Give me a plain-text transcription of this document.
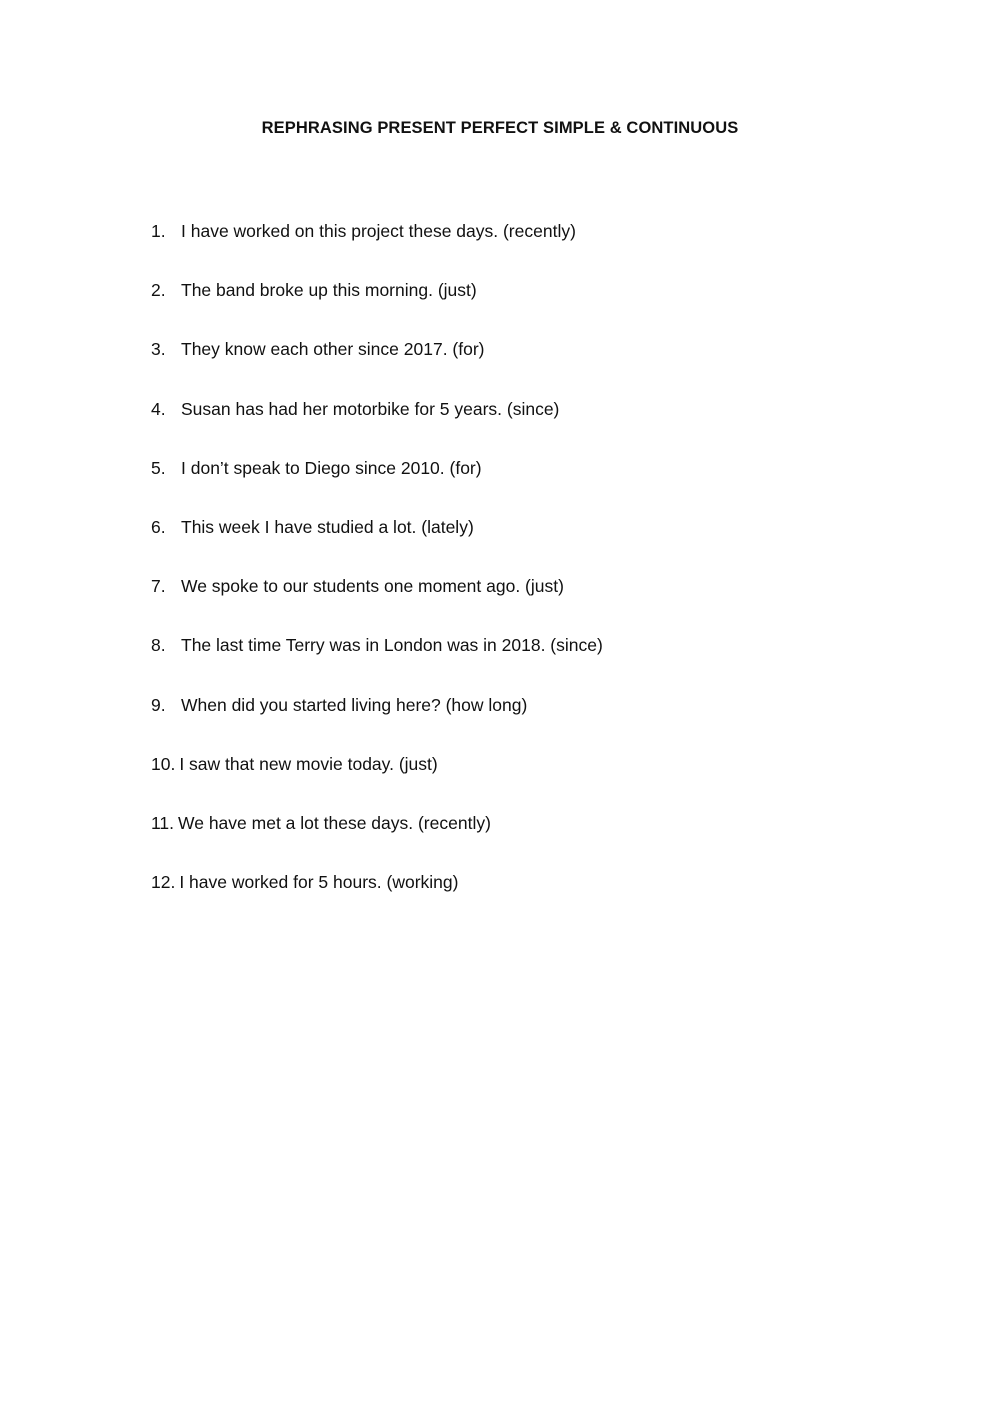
REPHRASING PRESENT PERFECT SIMPLE & CONTINUOUS
1. I have worked on this project these days. (recently)
2. The band broke up this morning. (just)
3. They know each other since 2017. (for)
4. Susan has had her motorbike for 5 years. (since)
5. I don’t speak to Diego since 2010. (for)
6. This week I have studied a lot. (lately)
7. We spoke to our students one moment ago. (just)
8. The last time Terry was in London was in 2018. (since)
9. When did you started living here? (how long)
10. I saw that new movie today. (just)
11. We have met a lot these days. (recently)
12. I have worked for 5 hours. (working)
